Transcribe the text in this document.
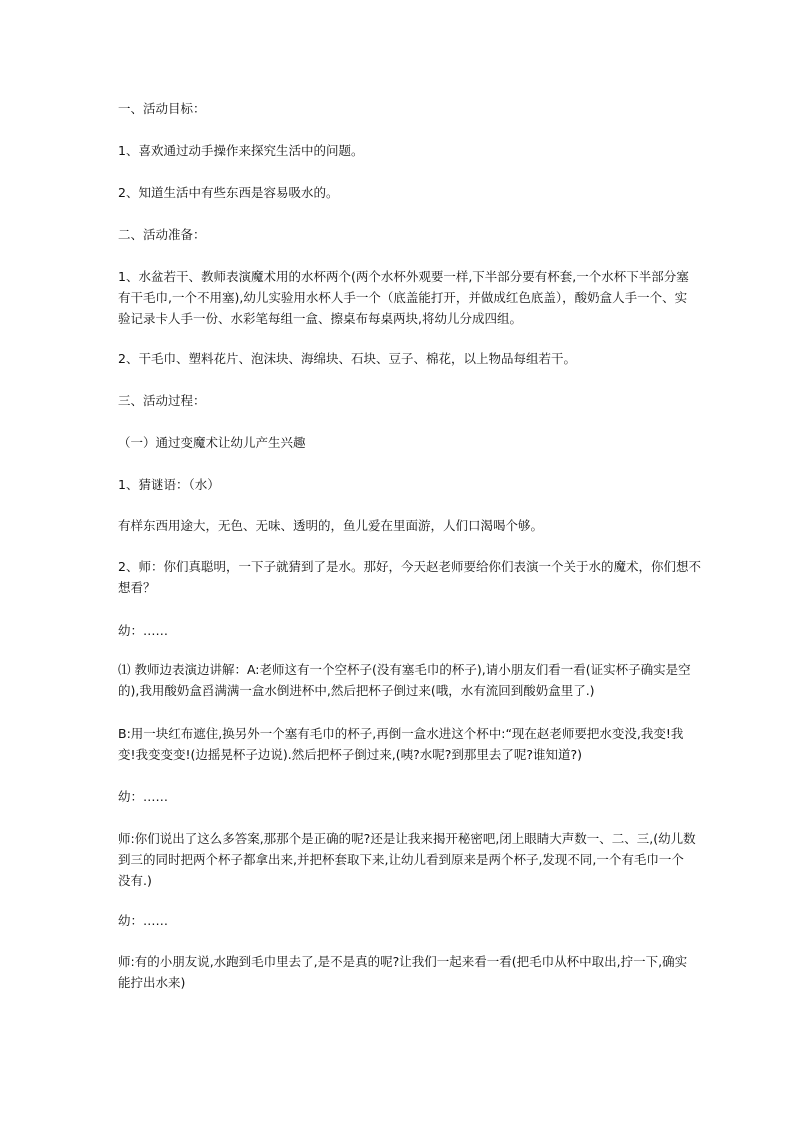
一、活动目标：
1、喜欢通过动手操作来探究生活中的问题。
2、知道生活中有些东西是容易吸水的。
二、活动准备：
1、水盆若干、教师表演魔术用的水杯两个(两个水杯外观要一样,下半部分要有杯套,一个水杯下半部分塞
有干毛巾,一个不用塞),幼儿实验用水杯人手一个（底盖能打开，并做成红色底盖），酸奶盒人手一个、实
验记录卡人手一份、水彩笔每组一盒、擦桌布每桌两块,将幼儿分成四组。
2、干毛巾、塑料花片、泡沫块、海绵块、石块、豆子、棉花，以上物品每组若干。
三、活动过程：
（一）通过变魔术让幼儿产生兴趣
1、猜谜语：（水）
有样东西用途大，无色、无味、透明的，鱼儿爱在里面游，人们口渴喝个够。
2、师：你们真聪明，一下子就猜到了是水。那好，今天赵老师要给你们表演一个关于水的魔术，你们想不
想看？
幼：……
⑴ 教师边表演边讲解：A:老师这有一个空杯子(没有塞毛巾的杯子),请小朋友们看一看(证实杯子确实是空
的),我用酸奶盒舀满满一盒水倒进杯中,然后把杯子倒过来(哦，水有流回到酸奶盒里了.)
B:用一块红布遮住,换另外一个塞有毛巾的杯子,再倒一盒水进这个杯中:“现在赵老师要把水变没,我变!我
变!我变变变!(边摇晃杯子边说).然后把杯子倒过来,(咦?水呢?到那里去了呢?谁知道?)
幼：……
师:你们说出了这么多答案,那那个是正确的呢?还是让我来揭开秘密吧,闭上眼睛大声数一、二、三,(幼儿数
到三的同时把两个杯子都拿出来,并把杯套取下来,让幼儿看到原来是两个杯子,发现不同,一个有毛巾一个
没有.)
幼：……
师:有的小朋友说,水跑到毛巾里去了,是不是真的呢?让我们一起来看一看(把毛巾从杯中取出,拧一下,确实
能拧出水来)
